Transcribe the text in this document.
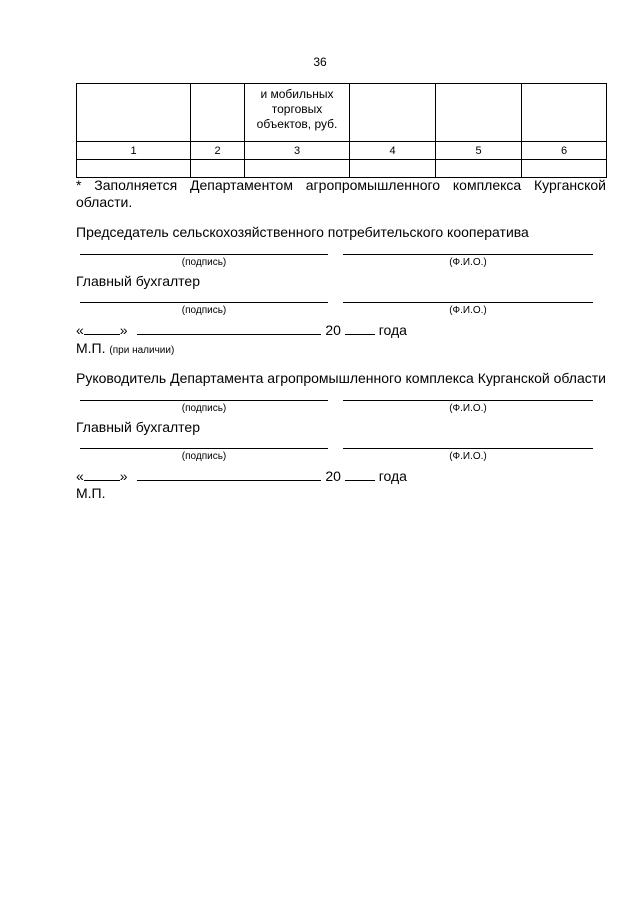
36

		и мобильных
торговых
объектов, руб.			

1	2	3	4	5	6

* Заполняется Департаментом агропромышленного комплекса Курганской
области.
Председатель сельскохозяйственного потребительского кооператива
(подпись)	(Ф.И.О.)
Главный бухгалтер
(подпись)	(Ф.И.О.)
«	»	20	года
М.П. (при наличии)
Руководитель Департамента агропромышленного комплекса Курганской области
(подпись)	(Ф.И.О.)
Главный бухгалтер
(подпись)	(Ф.И.О.)
«	»	20	года
М.П.
